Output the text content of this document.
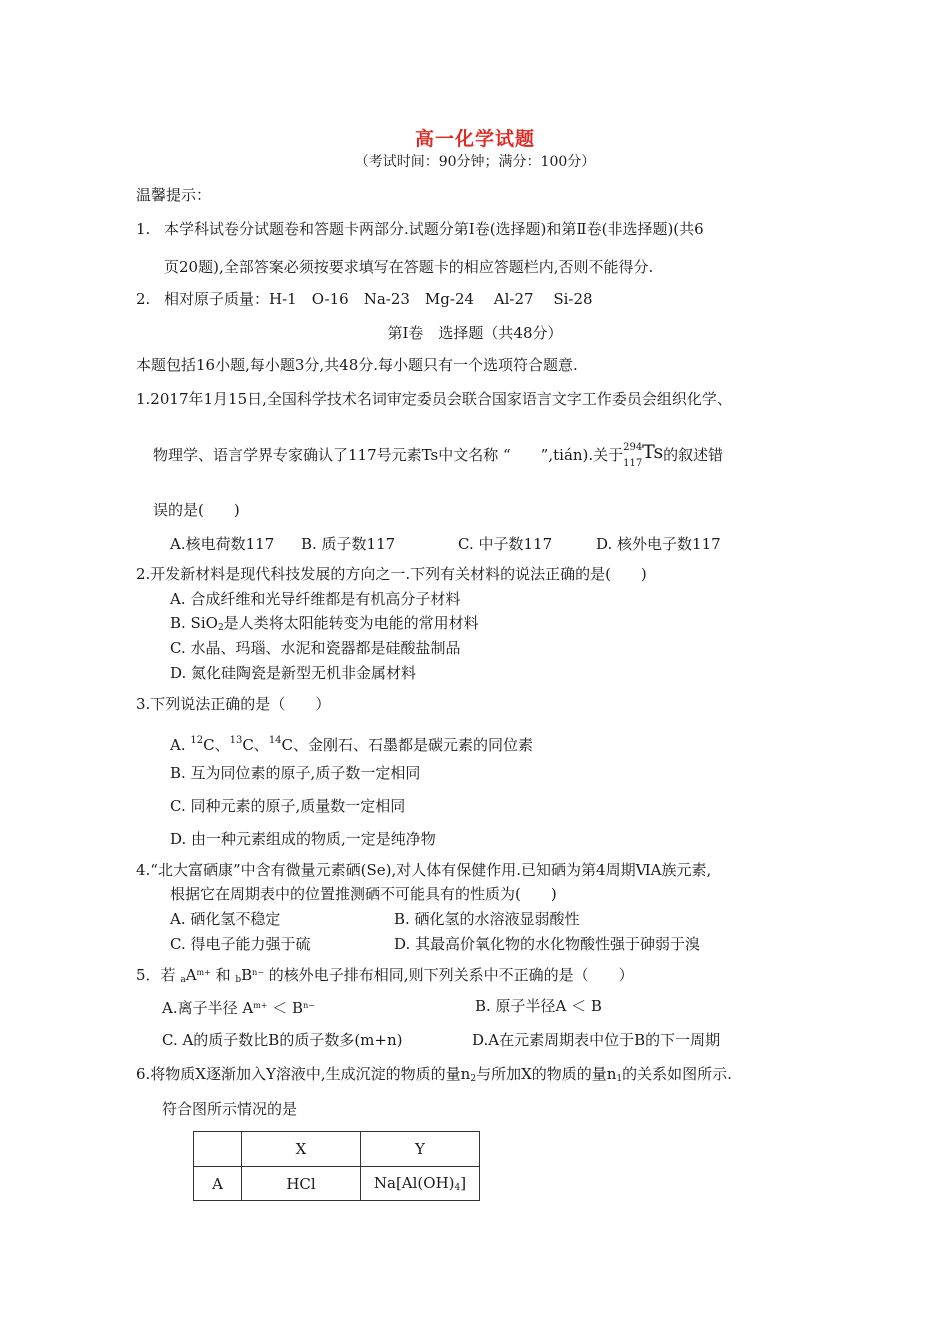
高一化学试题
（考试时间：90分钟；满分：100分）
温馨提示：
1. 本学科试卷分试题卷和答题卡两部分.试题分第Ⅰ卷(选择题)和第Ⅱ卷(非选择题)(共6
页20题),全部答案必须按要求填写在答题卡的相应答题栏内,否则不能得分.
2. 相对原子质量：H-1　O-16　Na-23　Mg-24　 Al-27　 Si-28
第Ⅰ卷　选择题（共48分）
本题包括16小题,每小题3分,共48分.每小题只有一个选项符合题意.
1.2017年1月15日,全国科学技术名词审定委员会联合国家语言文字工作委员会组织化学、
物理学、语言学界专家确认了117号元素Ts中文名称 “　　”,tián).关于 294
117
Ts 的叙述错
误的是(　　)
A.核电荷数117 B. 质子数117	C. 中子数117	D. 核外电子数117
2.开发新材料是现代科技发展的方向之一.下列有关材料的说法正确的是(　　)
A. 合成纤维和光导纤维都是有机高分子材料
B. SiO$_2$是人类将太阳能转变为电能的常用材料
C. 水晶、玛瑙、水泥和瓷器都是硅酸盐制品
D. 氮化硅陶瓷是新型无机非金属材料
3.下列说法正确的是（　　）
A. $^{12}$C、$^{13}$C、$^{14}$C、金刚石、石墨都是碳元素的同位素
B. 互为同位素的原子,质子数一定相同
C. 同种元素的原子,质量数一定相同
D. 由一种元素组成的物质,一定是纯净物
4.“北大富硒康”中含有微量元素硒(Se),对人体有保健作用.已知硒为第4周期ⅥA族元素,
根据它在周期表中的位置推测硒不可能具有的性质为(　　)
A. 硒化氢不稳定	B. 硒化氢的水溶液显弱酸性
C. 得电子能力强于硫	D. 其最高价氧化物的水化物酸性强于砷弱于溴
5．若 $_aA^{m+}$ 和 $_bB^{n-}$ 的核外电子排布相同,则下列关系中不正确的是（　　）
A.离子半径 $A^{m+} < B^{n-}$	B. 原子半径A ＜ B
C. A的质子数比B的质子数多(m+n)	D.A在元素周期表中位于B的下一周期
6.将物质X逐渐加入Y溶液中,生成沉淀的物质的量$n_2$与所加X的物质的量$n_1$的关系如图所示.
符合图所示情况的是
	X	Y
A	HCl	$Na[Al(OH)_4]$
